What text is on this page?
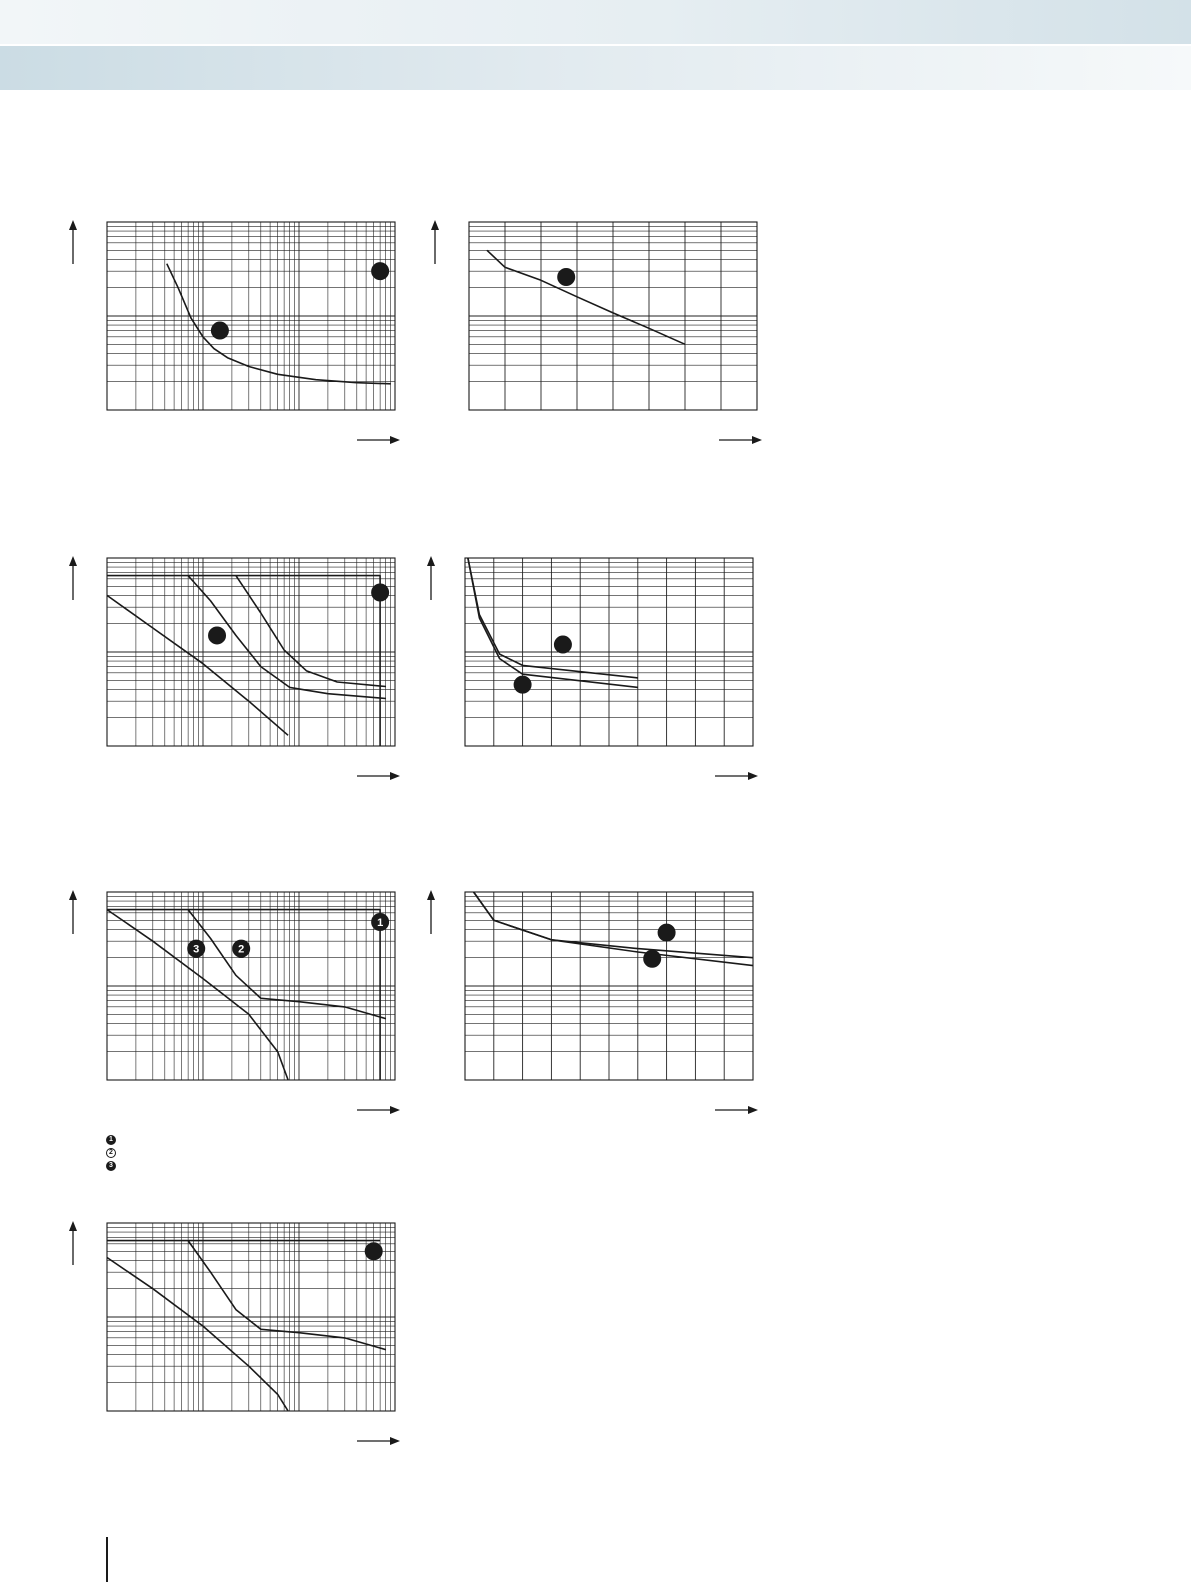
1
2
3
1
2
3
